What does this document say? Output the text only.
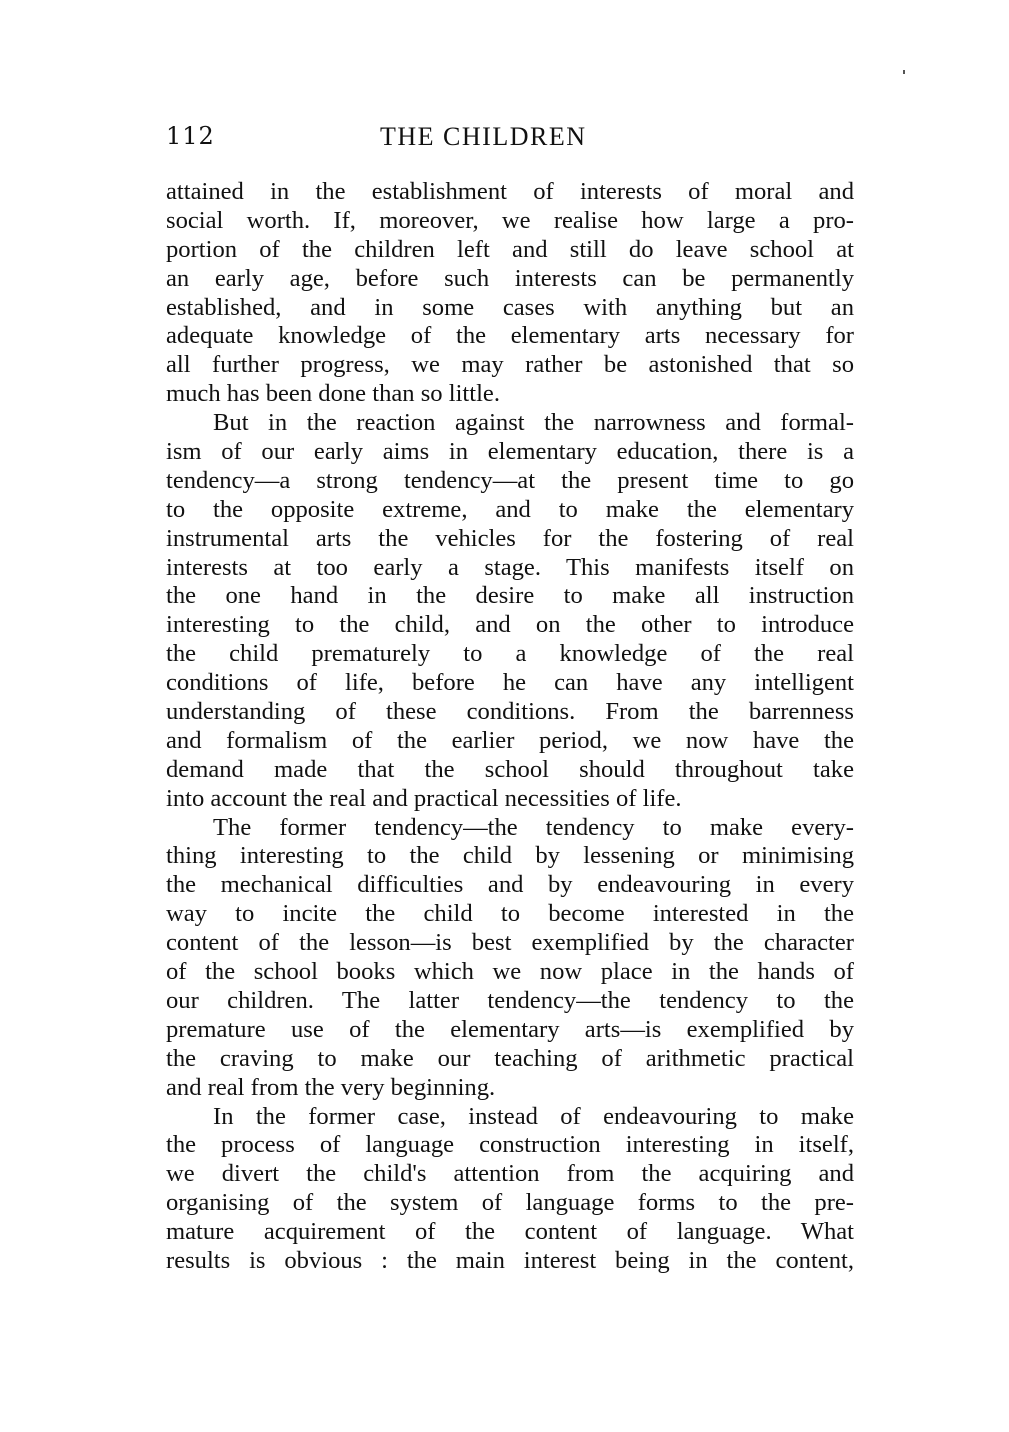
112	THE CHILDREN
attained in the establishment of interests of moral and
social worth. If, moreover, we realise how large a pro-
portion of the children left and still do leave school at
an early age, before such interests can be permanently
established, and in some cases with anything but an
adequate knowledge of the elementary arts necessary for
all further progress, we may rather be astonished that so
much has been done than so little.
But in the reaction against the narrowness and formal-
ism of our early aims in elementary education, there is a
tendency—a strong tendency—at the present time to go
to the opposite extreme, and to make the elementary
instrumental arts the vehicles for the fostering of real
interests at too early a stage. This manifests itself on
the one hand in the desire to make all instruction
interesting to the child, and on the other to introduce
the child prematurely to a knowledge of the real
conditions of life, before he can have any intelligent
understanding of these conditions. From the barrenness
and formalism of the earlier period, we now have the
demand made that the school should throughout take
into account the real and practical necessities of life.
The former tendency—the tendency to make every-
thing interesting to the child by lessening or minimising
the mechanical difficulties and by endeavouring in every
way to incite the child to become interested in the
content of the lesson—is best exemplified by the character
of the school books which we now place in the hands of
our children. The latter tendency—the tendency to the
premature use of the elementary arts—is exemplified by
the craving to make our teaching of arithmetic practical
and real from the very beginning.
In the former case, instead of endeavouring to make
the process of language construction interesting in itself,
we divert the child's attention from the acquiring and
organising of the system of language forms to the pre-
mature acquirement of the content of language. What
results is obvious : the main interest being in the content,
